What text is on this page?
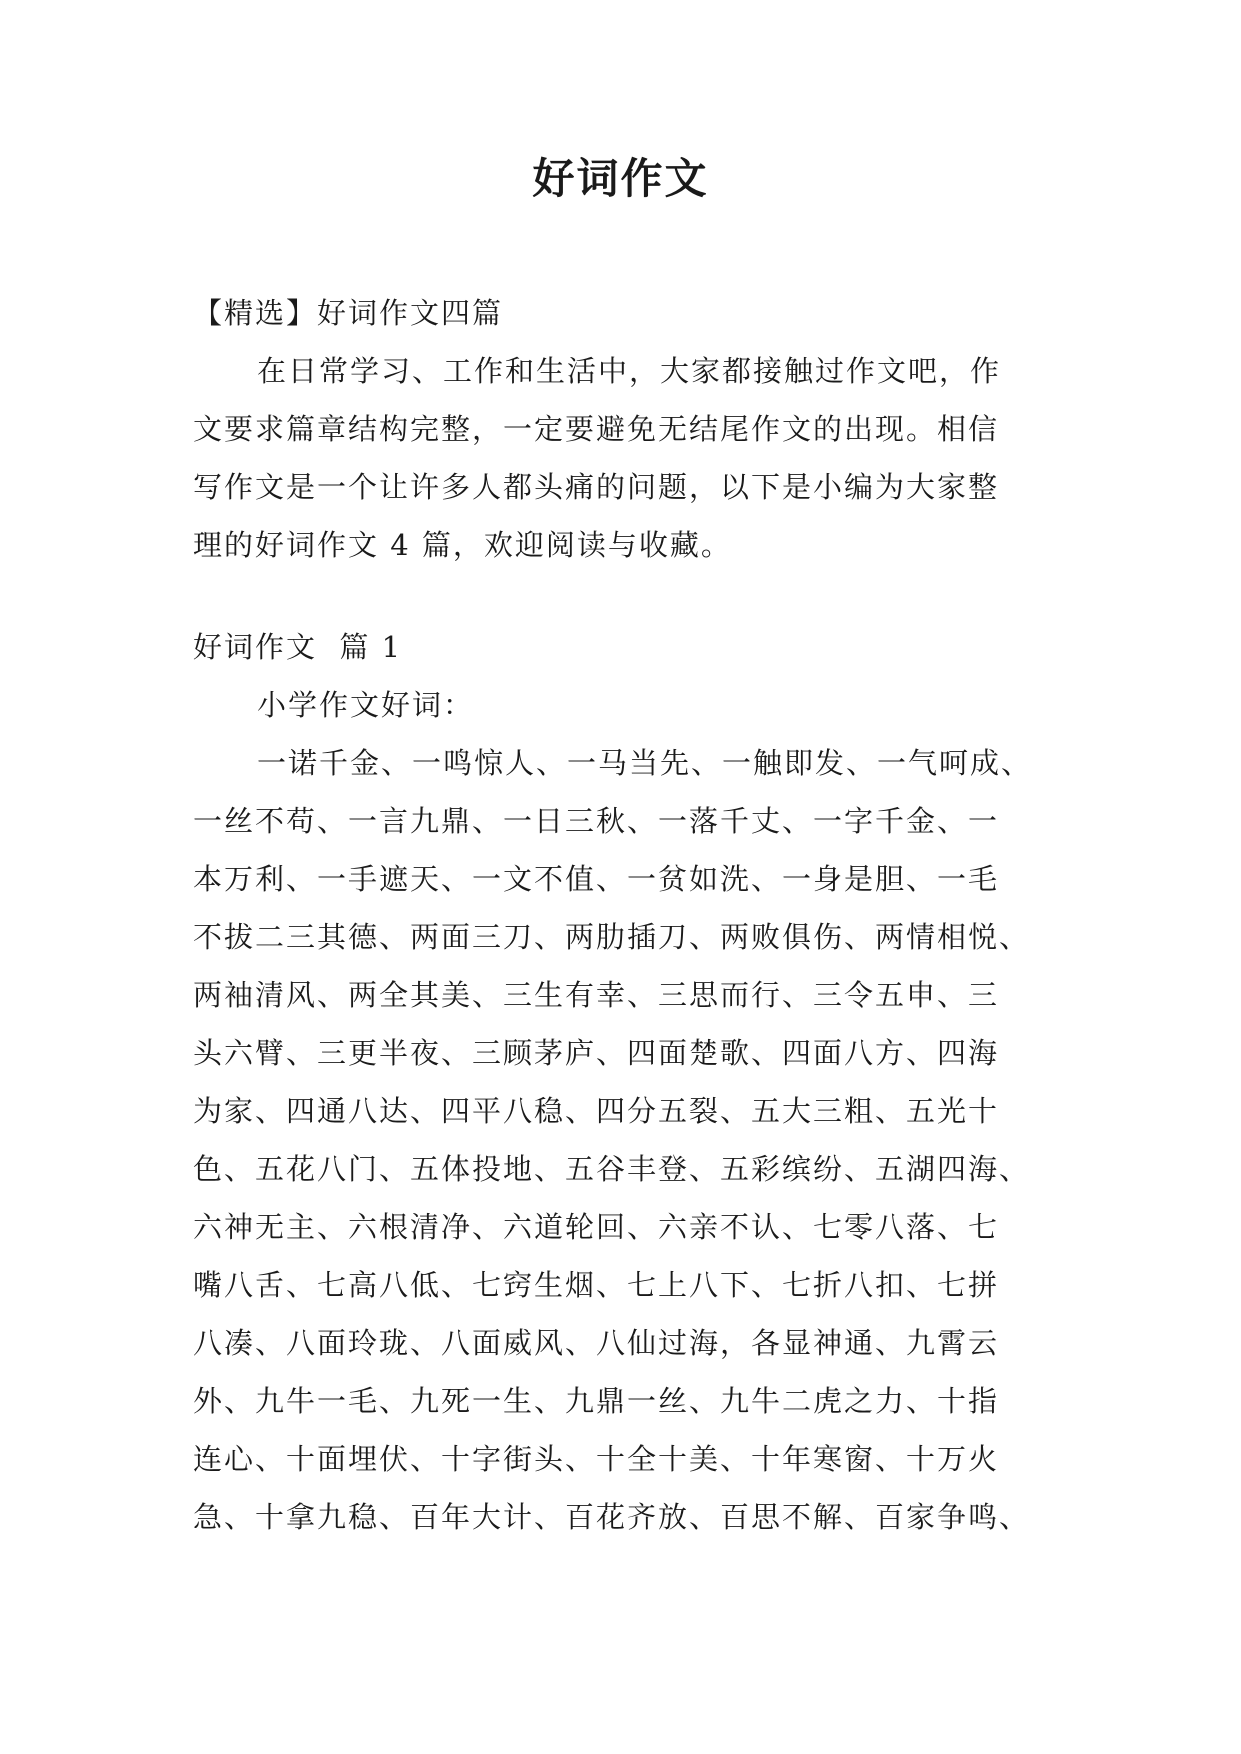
好词作文
【精选】好词作文四篇
在日常学习、工作和生活中，大家都接触过作文吧，作
文要求篇章结构完整，一定要避免无结尾作文的出现。相信
写作文是一个让许多人都头痛的问题，以下是小编为大家整
理的好词作文 4 篇，欢迎阅读与收藏。
好词作文  篇 1
小学作文好词：
一诺千金、一鸣惊人、一马当先、一触即发、一气呵成、
一丝不苟、一言九鼎、一日三秋、一落千丈、一字千金、一
本万利、一手遮天、一文不值、一贫如洗、一身是胆、一毛
不拔二三其德、两面三刀、两肋插刀、两败俱伤、两情相悦、
两袖清风、两全其美、三生有幸、三思而行、三令五申、三
头六臂、三更半夜、三顾茅庐、四面楚歌、四面八方、四海
为家、四通八达、四平八稳、四分五裂、五大三粗、五光十
色、五花八门、五体投地、五谷丰登、五彩缤纷、五湖四海、
六神无主、六根清净、六道轮回、六亲不认、七零八落、七
嘴八舌、七高八低、七窍生烟、七上八下、七折八扣、七拼
八凑、八面玲珑、八面威风、八仙过海，各显神通、九霄云
外、九牛一毛、九死一生、九鼎一丝、九牛二虎之力、十指
连心、十面埋伏、十字街头、十全十美、十年寒窗、十万火
急、十拿九稳、百年大计、百花齐放、百思不解、百家争鸣、
